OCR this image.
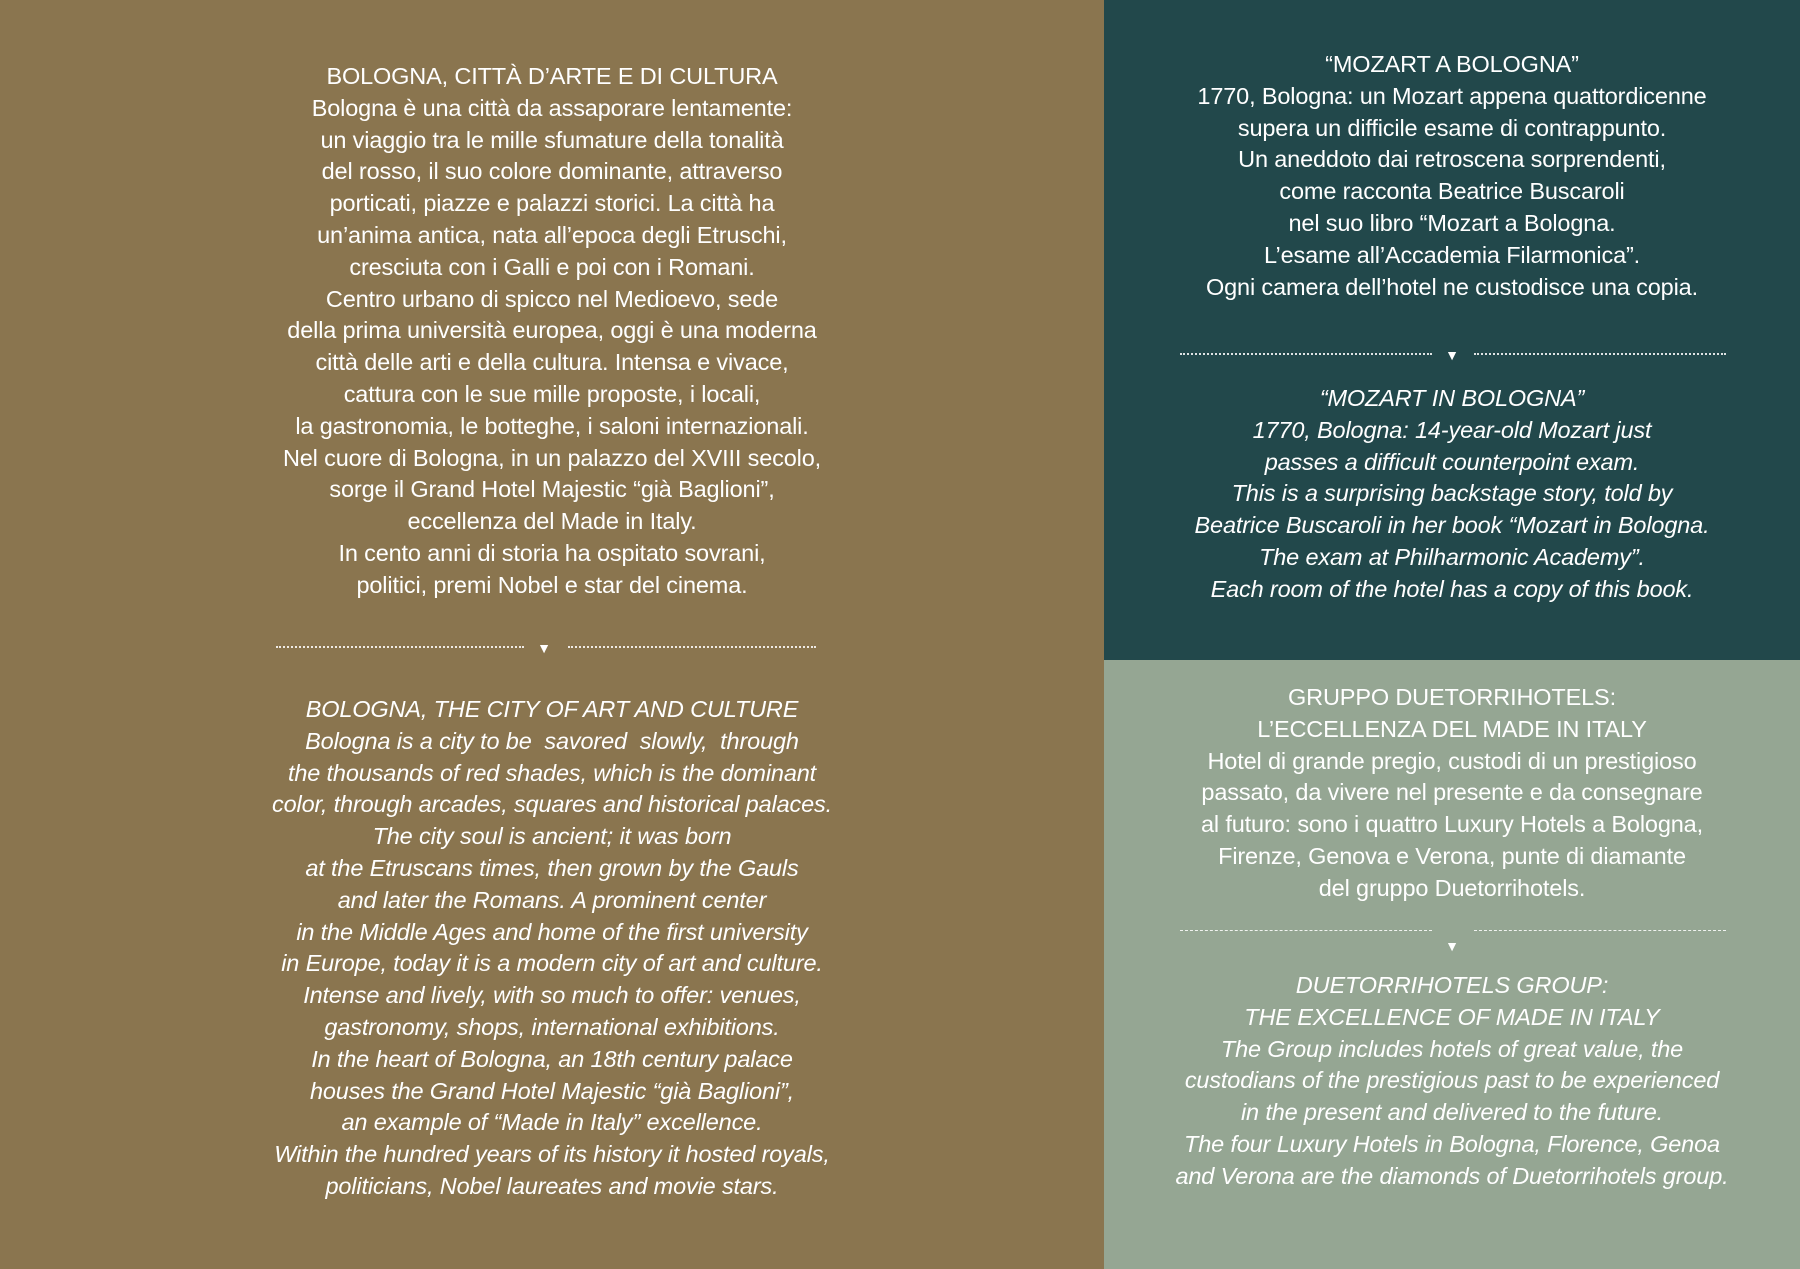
BOLOGNA, CITTÀ D’ARTE E DI CULTURA
Bologna è una città da assaporare lentamente:
un viaggio tra le mille sfumature della tonalità
del rosso, il suo colore dominante, attraverso
porticati, piazze e palazzi storici. La città ha
un’anima antica, nata all’epoca degli Etruschi,
cresciuta con i Galli e poi con i Romani.
Centro urbano di spicco nel Medioevo, sede
della prima università europea, oggi è una moderna
città delle arti e della cultura. Intensa e vivace,
cattura con le sue mille proposte, i locali,
la gastronomia, le botteghe, i saloni internazionali.
Nel cuore di Bologna, in un palazzo del XVIII secolo,
sorge il Grand Hotel Majestic “già Baglioni”,
eccellenza del Made in Italy.
In cento anni di storia ha ospitato sovrani,
politici, premi Nobel e star del cinema.
▼
BOLOGNA, THE CITY OF ART AND CULTURE
Bologna is a city to be  savored  slowly,  through
the thousands of red shades, which is the dominant
color, through arcades, squares and historical palaces.
The city soul is ancient; it was born
at the Etruscans times, then grown by the Gauls
and later the Romans. A prominent center
in the Middle Ages and home of the first university
in Europe, today it is a modern city of art and culture.
Intense and lively, with so much to offer: venues,
gastronomy, shops, international exhibitions.
In the heart of Bologna, an 18th century palace
houses the Grand Hotel Majestic “già Baglioni”,
an example of “Made in Italy” excellence.
Within the hundred years of its history it hosted royals,
politicians, Nobel laureates and movie stars.
“MOZART A BOLOGNA”
1770, Bologna: un Mozart appena quattordicenne
supera un difficile esame di contrappunto.
Un aneddoto dai retroscena sorprendenti,
come racconta Beatrice Buscaroli
nel suo libro “Mozart a Bologna.
L’esame all’Accademia Filarmonica”.
Ogni camera dell’hotel ne custodisce una copia.
▼
“MOZART IN BOLOGNA”
1770, Bologna: 14-year-old Mozart just
passes a difficult counterpoint exam.
This is a surprising backstage story, told by
Beatrice Buscaroli in her book “Mozart in Bologna.
The exam at Philharmonic Academy”.
Each room of the hotel has a copy of this book.
GRUPPO DUETORRIHOTELS:
L’ECCELLENZA DEL MADE IN ITALY
Hotel di grande pregio, custodi di un prestigioso
passato, da vivere nel presente e da consegnare
al futuro: sono i quattro Luxury Hotels a Bologna,
Firenze, Genova e Verona, punte di diamante
del gruppo Duetorrihotels.
▼
DUETORRIHOTELS GROUP:
THE EXCELLENCE OF MADE IN ITALY
The Group includes hotels of great value, the
custodians of the prestigious past to be experienced
in the present and delivered to the future.
The four Luxury Hotels in Bologna, Florence, Genoa
and Verona are the diamonds of Duetorrihotels group.
